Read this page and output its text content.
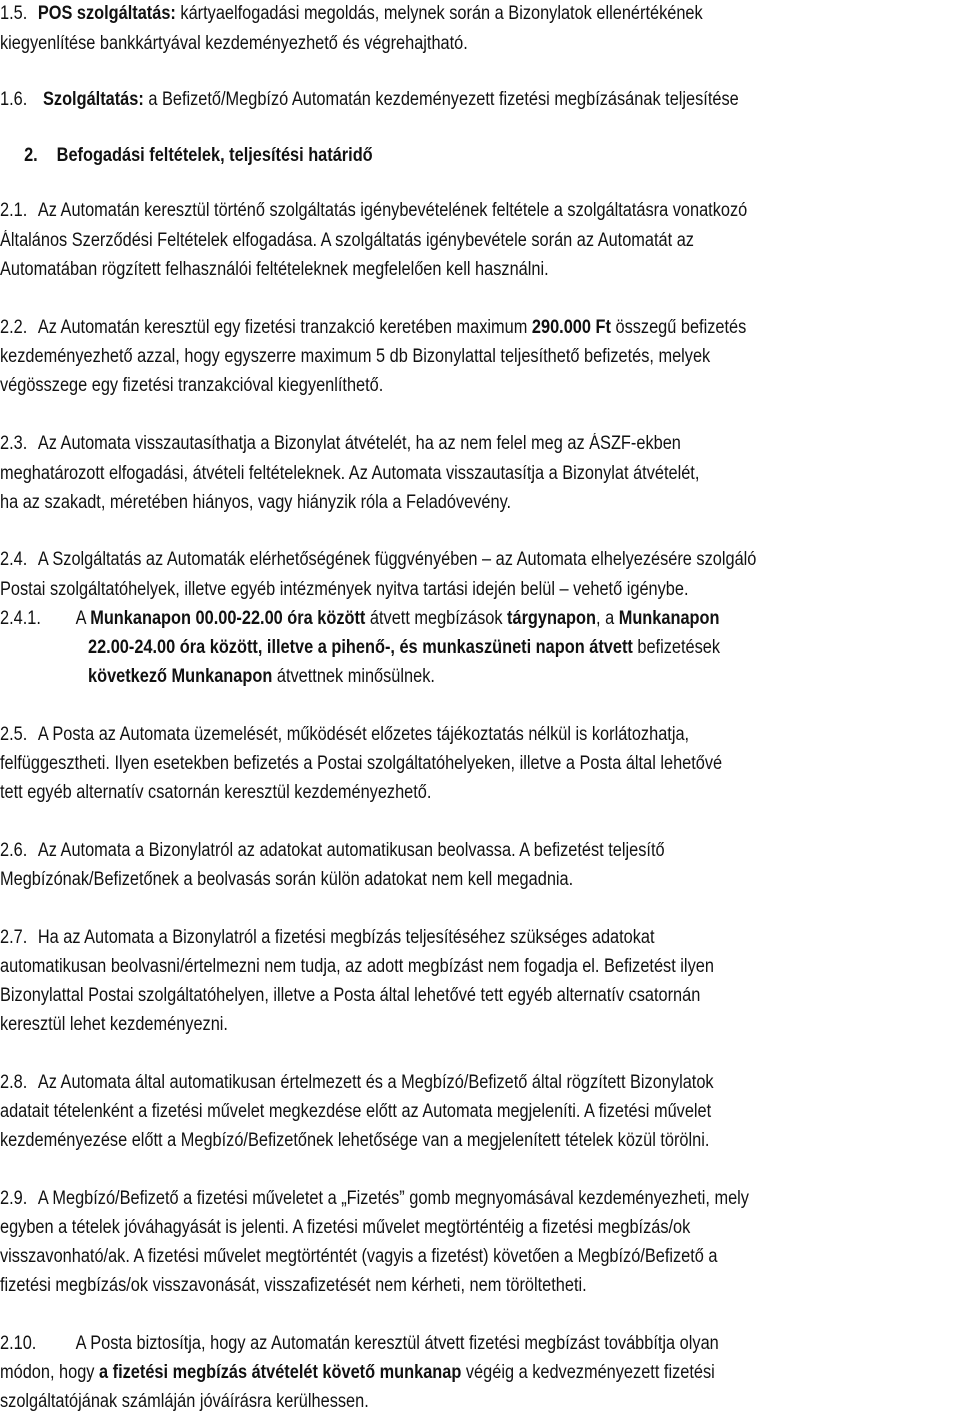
1.5. POS szolgáltatás: kártyaelfogadási megoldás, melynek során a Bizonylatok ellenértékének

kiegyenlítése bankkártyával kezdeményezhető és végrehajtható.

1.6. Szolgáltatás: a Befizető/Megbízó Automatán kezdeményezett fizetési megbízásának teljesítése

2. Befogadási feltételek, teljesítési határidő

2.1. Az Automatán keresztül történő szolgáltatás igénybevételének feltétele a szolgáltatásra vonatkozó

Általános Szerződési Feltételek elfogadása. A szolgáltatás igénybevétele során az Automatát az

Automatában rögzített felhasználói feltételeknek megfelelően kell használni.

2.2. Az Automatán keresztül egy fizetési tranzakció keretében maximum 290.000 Ft összegű befizetés

kezdeményezhető azzal, hogy egyszerre maximum 5 db Bizonylattal teljesíthető befizetés, melyek

végösszege egy fizetési tranzakcióval kiegyenlíthető.

2.3. Az Automata visszautasíthatja a Bizonylat átvételét, ha az nem felel meg az ÁSZF-ekben

meghatározott elfogadási, átvételi feltételeknek. Az Automata visszautasítja a Bizonylat átvételét,

ha az szakadt, méretében hiányos, vagy hiányzik róla a Feladóvevény.

2.4. A Szolgáltatás az Automaták elérhetőségének függvényében – az Automata elhelyezésére szolgáló

Postai szolgáltatóhelyek, illetve egyéb intézmények nyitva tartási idején belül – vehető igénybe.

2.4.1. A Munkanapon 00.00-22.00 óra között átvett megbízások tárgynapon, a Munkanapon

22.00-24.00 óra között, illetve a pihenő-, és munkaszüneti napon átvett befizetések

következő Munkanapon átvettnek minősülnek.

2.5. A Posta az Automata üzemelését, működését előzetes tájékoztatás nélkül is korlátozhatja,

felfüggesztheti. Ilyen esetekben befizetés a Postai szolgáltatóhelyeken, illetve a Posta által lehetővé

tett egyéb alternatív csatornán keresztül kezdeményezhető.

2.6. Az Automata a Bizonylatról az adatokat automatikusan beolvassa. A befizetést teljesítő

Megbízónak/Befizetőnek a beolvasás során külön adatokat nem kell megadnia.

2.7. Ha az Automata a Bizonylatról a fizetési megbízás teljesítéséhez szükséges adatokat

automatikusan beolvasni/értelmezni nem tudja, az adott megbízást nem fogadja el. Befizetést ilyen

Bizonylattal Postai szolgáltatóhelyen, illetve a Posta által lehetővé tett egyéb alternatív csatornán

keresztül lehet kezdeményezni.

2.8. Az Automata által automatikusan értelmezett és a Megbízó/Befizető által rögzített Bizonylatok

adatait tételenként a fizetési művelet megkezdése előtt az Automata megjeleníti. A fizetési művelet

kezdeményezése előtt a Megbízó/Befizetőnek lehetősége van a megjelenített tételek közül törölni.

2.9. A Megbízó/Befizető a fizetési műveletet a „Fizetés” gomb megnyomásával kezdeményezheti, mely

egyben a tételek jóváhagyását is jelenti. A fizetési művelet megtörténtéig a fizetési megbízás/ok

visszavonható/ak. A fizetési művelet megtörténtét (vagyis a fizetést) követően a Megbízó/Befizető a

fizetési megbízás/ok visszavonását, visszafizetését nem kérheti, nem töröltetheti.

2.10. A Posta biztosítja, hogy az Automatán keresztül átvett fizetési megbízást továbbítja olyan

módon, hogy a fizetési megbízás átvételét követő munkanap végéig a kedvezményezett fizetési

szolgáltatójának számláján jóváírásra kerülhessen.
